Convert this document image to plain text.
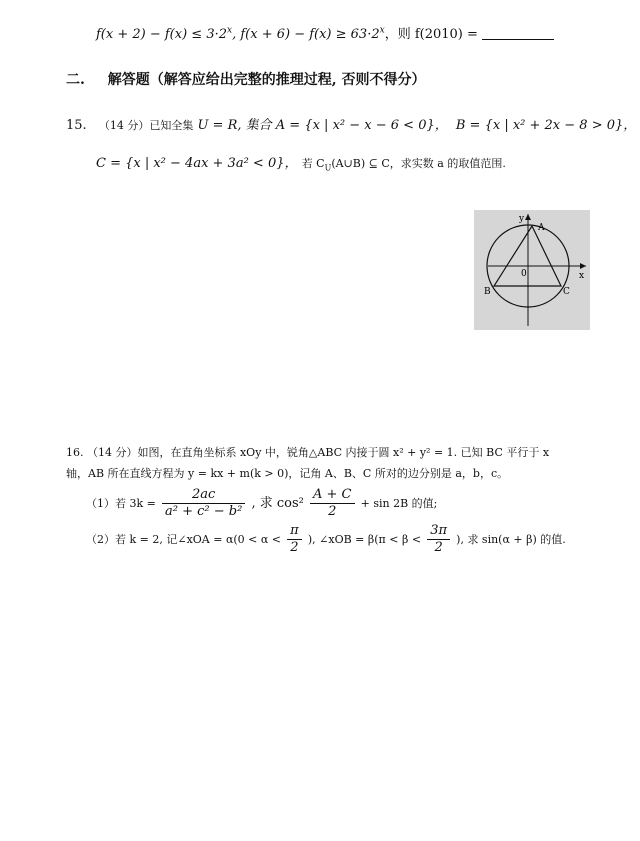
$f(x + 2) - f(x) \le 3\cdot 2^x$, $f(x + 6) - f(x) \ge 63\cdot 2^x$，则 f(2010) =
二. 解答题（解答应给出完整的推理过程, 否则不得分）
15. （14 分）已知全集 U = R, 集合 A = {x | x² − x − 6 < 0}， B = {x | x² + 2x − 8 > 0}，
C = {x | x² − 4ax + 3a² < 0}， 若 $C_U(A\cup B)$ ⊆ C，求实数 a 的取值范围.
y
x
A
B	C
0
16. （14 分）如图，在直角坐标系 xOy 中，锐角△ABC 内接于圆 x² + y² = 1. 已知 BC 平行于 x
轴，AB 所在直线方程为 y = kx + m(k > 0)，记角 A、B、C 所对的边分别是 a，b，c。
（1）若 $3k = \frac{2ac}{\text{a² + c² − b²}}$ , 求 $\cos^2 \frac{A + C}{2} + \sin 2B$ 的值;
（2）若 k = 2, 记∠xOA = $\alpha(0 < \alpha < \frac{\pi}{2}$ ), ∠xOB = $\beta(\pi < \beta < \frac{3\pi}{2}$ ), 求 sin(α + β) 的值.
